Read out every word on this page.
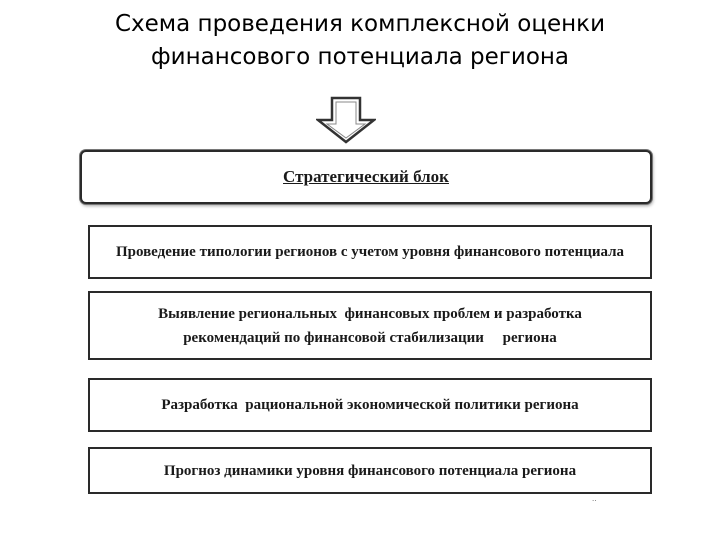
Схема проведения комплексной оценки
финансового потенциала региона
Стратегический блок
Проведение типологии регионов с учетом уровня финансового потенциала
Выявление региональных  финансовых проблем и разработка
рекомендаций по финансовой стабилизации     региона
Разработка  рациональной экономической политики региона
Прогноз динамики уровня финансового потенциала региона
..
